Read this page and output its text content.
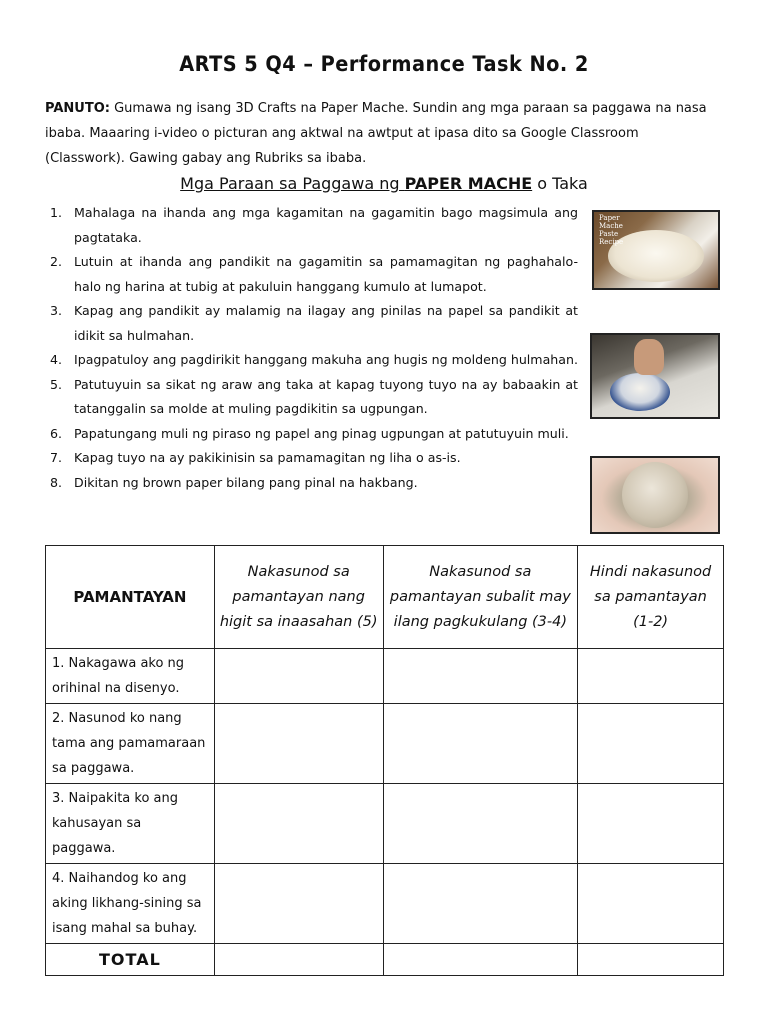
ARTS 5 Q4 – Performance Task No. 2
PANUTO: Gumawa ng isang 3D Crafts na Paper Mache. Sundin ang mga paraan sa paggawa na nasa ibaba. Maaaring i-video o picturan ang aktwal na awtput at ipasa dito sa Google Classroom (Classwork). Gawing gabay ang Rubriks sa ibaba.
Mga Paraan sa Paggawa ng PAPER MACHE o Taka
1. Mahalaga na ihanda ang mga kagamitan na gagamitin bago magsimula ang pagtataka.
2. Lutuin at ihanda ang pandikit na gagamitin sa pamamagitan ng paghahalo-halo ng harina at tubig at pakuluin hanggang kumulo at lumapot.
3. Kapag ang pandikit ay malamig na ilagay ang pinilas na papel sa pandikit at idikit sa hulmahan.
4. Ipagpatuloy ang pagdirikit hanggang makuha ang hugis ng moldeng hulmahan.
5. Patutuyuin sa sikat ng araw ang taka at kapag tuyong tuyo na ay babaakin at tatanggalin sa molde at muling pagdikitin sa ugpungan.
6. Papatungang muli ng piraso ng papel ang pinag ugpungan at patutuyuin muli.
7. Kapag tuyo na ay pakikinisin sa pamamagitan ng liha o as-is.
8. Dikitan ng brown paper bilang pang pinal na hakbang.
Paper Mache Paste Recipe
PAMANTAYAN	Nakasunod sa pamantayan nang higit sa inaasahan (5)	Nakasunod sa pamantayan subalit may ilang pagkukulang (3-4)	Hindi nakasunod sa pamantayan (1-2)
1. Nakagawa ako ng orihinal na disenyo.			
2. Nasunod ko nang tama ang pamamaraan sa paggawa.			
3. Naipakita ko ang kahusayan sa paggawa.			
4. Naihandog ko ang aking likhang-sining sa isang mahal sa buhay.			
TOTAL			
